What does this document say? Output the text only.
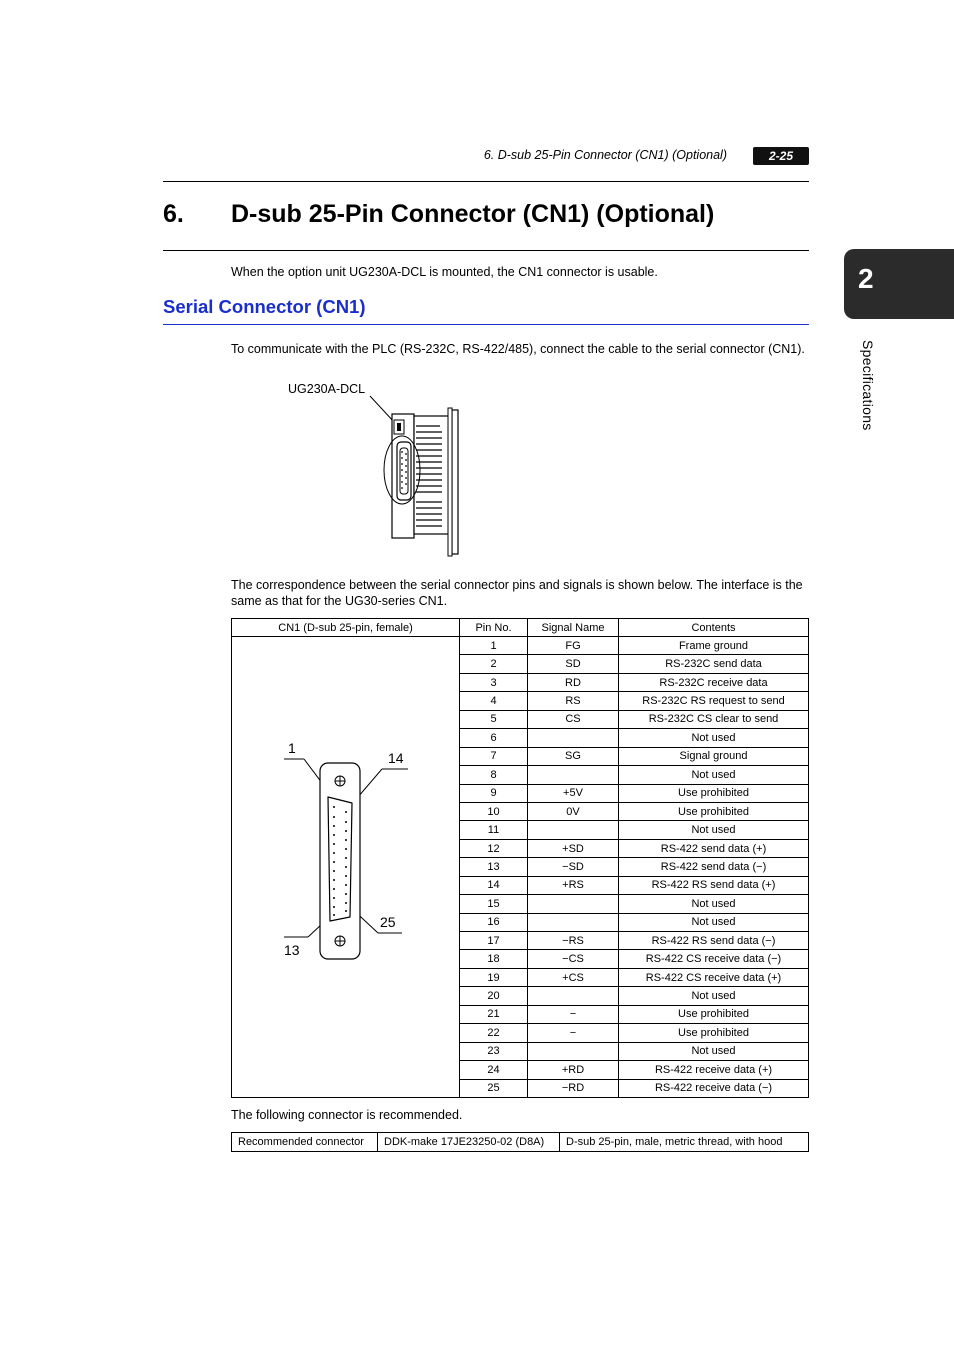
6. D-sub 25-Pin Connector (CN1) (Optional)	2-25
2
Specifications
6. D-sub 25-Pin Connector (CN1) (Optional)
When the option unit UG230A-DCL is mounted, the CN1 connector is usable.
Serial Connector (CN1)
To communicate with the PLC (RS-232C, RS-422/485), connect the cable to the serial connector (CN1).
UG230A-DCL
The correspondence between the serial connector pins and signals is shown below. The interface is the same as that for the UG30-series CN1.
CN1 (D-sub 25-pin, female)	Pin No.	Signal Name	Contents

1
14
25
13	1	FG	Frame ground
	2	SD	RS-232C send data
	3	RD	RS-232C receive data
	4	RS	RS-232C RS request to send
	5	CS	RS-232C CS clear to send
	6		Not used
	7	SG	Signal ground
	8		Not used
	9	+5V	Use prohibited
	10	0V	Use prohibited
	11		Not used
	12	+SD	RS-422 send data (+)
	13	−SD	RS-422 send data (−)
	14	+RS	RS-422 RS send data (+)
	15		Not used
	16		Not used
	17	−RS	RS-422 RS send data (−)
	18	−CS	RS-422 CS receive data (−)
	19	+CS	RS-422 CS receive data (+)
	20		Not used
	21	−	Use prohibited
	22	−	Use prohibited
	23		Not used
	24	+RD	RS-422 receive data (+)
	25	−RD	RS-422 receive data (−)
The following connector is recommended.
Recommended connector	DDK-make 17JE23250-02 (D8A)	D-sub 25-pin, male, metric thread, with hood
